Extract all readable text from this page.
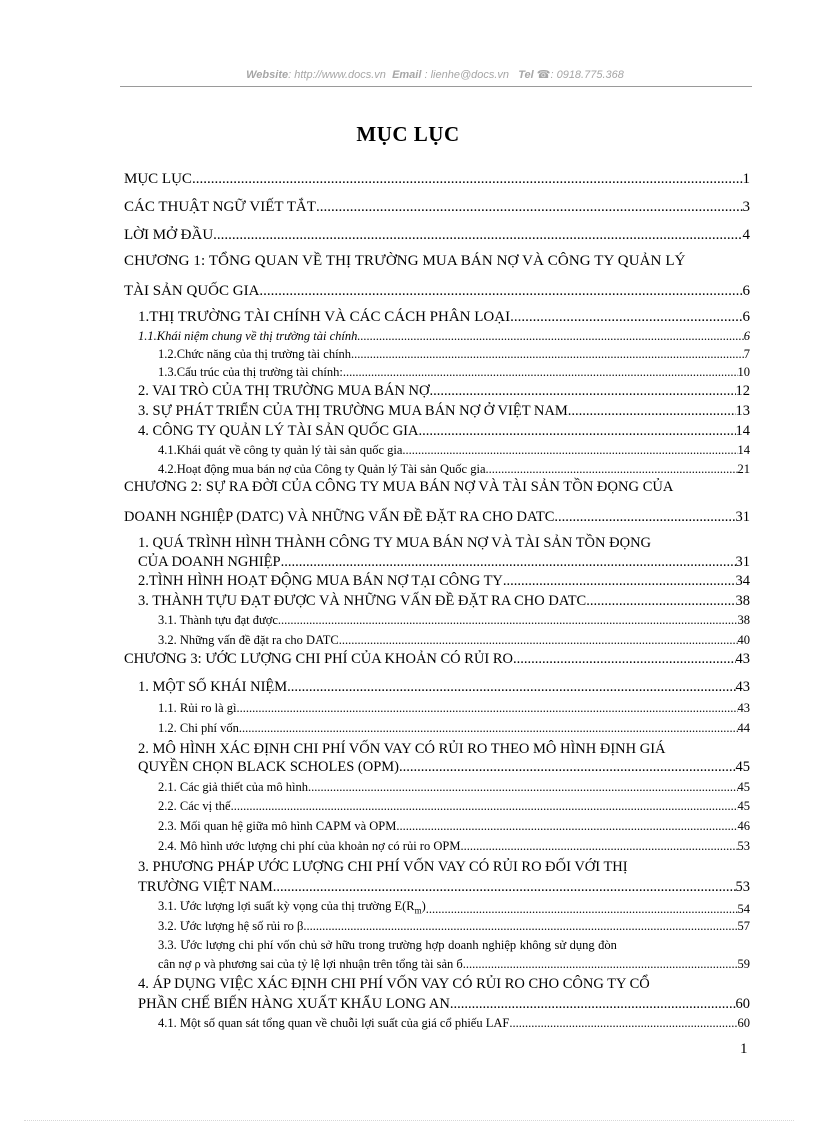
Website: http://www.docs.vn Email : lienhe@docs.vn Tel ☎: 0918.775.368
MỤC LỤC
MỤC LỤC .....	1
CÁC THUẬT NGỮ VIẾT TẮT .....	3
LỜI MỞ ĐẦU .....	4
CHƯƠNG 1: TỔNG QUAN VỀ THỊ TRƯỜNG MUA BÁN NỢ VÀ CÔNG TY QUẢN LÝ
TÀI SẢN QUỐC GIA .....	6
1.THỊ TRƯỜNG TÀI CHÍNH VÀ CÁC CÁCH PHÂN LOẠI .....	6
1.1.Khái niệm chung về thị trường tài chính .....	6
1.2.Chức năng của thị trường tài chính .....	7
1.3.Cấu trúc của thị trường tài chính: .....	10
2. VAI TRÒ CỦA THỊ TRƯỜNG MUA BÁN NỢ .....	12
3. SỰ PHÁT TRIỂN CỦA THỊ TRƯỜNG MUA BÁN NỢ Ở VIỆT NAM .....	13
4. CÔNG TY QUẢN LÝ TÀI SẢN QUỐC GIA .....	14
4.1.Khái quát về công ty quản lý tài sản quốc gia .....	14
4.2.Hoạt động mua bán nợ của Công ty Quản lý Tài sản Quốc gia .....	21
CHƯƠNG 2: SỰ RA ĐỜI CỦA CÔNG TY MUA BÁN NỢ VÀ TÀI SẢN TỒN ĐỌNG CỦA
DOANH NGHIỆP (DATC) VÀ NHỮNG VẤN ĐỀ ĐẶT RA CHO DATC .....	31
1. QUÁ TRÌNH HÌNH THÀNH CÔNG TY MUA BÁN NỢ VÀ TÀI SẢN TỒN ĐỌNG
CỦA DOANH NGHIỆP .....	31
2.TÌNH HÌNH HOẠT ĐỘNG MUA BÁN NỢ TẠI CÔNG TY .....	34
3. THÀNH TỰU ĐẠT ĐƯỢC VÀ NHỮNG VẤN ĐỀ ĐẶT RA CHO DATC .....	38
3.1. Thành tựu đạt được .....	38
3.2. Những vấn đề đặt ra cho DATC .....	40
CHƯƠNG 3: ƯỚC LƯỢNG CHI PHÍ CỦA KHOẢN CÓ RỦI RO .....	43
1. MỘT SỐ KHÁI NIỆM .....	43
1.1. Rủi ro là gì .....	43
1.2. Chi phí vốn .....	44
2. MÔ HÌNH XÁC ĐỊNH CHI PHÍ VỐN VAY CÓ RỦI RO THEO MÔ HÌNH ĐỊNH GIÁ
QUYỀN CHỌN BLACK SCHOLES (OPM) .....	45
2.1. Các giả thiết của mô hình .....	45
2.2. Các vị thế .....	45
2.3. Mối quan hệ giữa mô hình CAPM và OPM .....	46
2.4. Mô hình ước lượng chi phí của khoản nợ có rủi ro OPM .....	53
3. PHƯƠNG PHÁP ƯỚC LƯỢNG CHI PHÍ VỐN VAY CÓ RỦI RO ĐỐI VỚI THỊ
TRƯỜNG VIỆT NAM .....	53
3.1. Ước lượng lợi suất kỳ vọng của thị trường $E(R_m)$ .....	54
3.2. Ước lượng hệ số rủi ro β .....	57
3.3. Ước lượng chi phí vốn chủ sở hữu trong trường hợp doanh nghiệp không sử dụng đòn
cân nợ ρ và phương sai của tỷ lệ lợi nhuận trên tổng tài sản б .....	59
4. ÁP DỤNG VIỆC XÁC ĐỊNH CHI PHÍ VỐN VAY CÓ RỦI RO CHO CÔNG TY CỔ
PHẦN CHẾ BIẾN HÀNG XUẤT KHẨU LONG AN .....	60
4.1. Một số quan sát tổng quan về chuỗi lợi suất của giá cổ phiếu LAF .....	60
1
